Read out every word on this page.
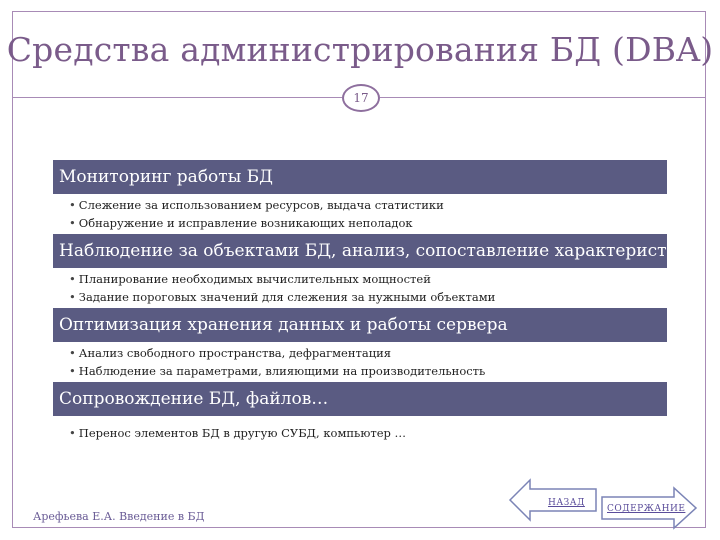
Средства администрирования БД (DBA)
17
Мониторинг работы БД
• Слежение за использованием ресурсов, выдача статистики
• Обнаружение и исправление возникающих неполадок
Наблюдение за объектами БД, анализ, сопоставление характеристик
• Планирование необходимых вычислительных мощностей
• Задание пороговых значений для слежения за нужными объектами
Оптимизация хранения данных и работы сервера
• Анализ свободного пространства, дефрагментация
• Наблюдение за параметрами, влияющими на производительность
Сопровождение БД, файлов…
• Перенос элементов БД в другую СУБД, компьютер …
Арефьева Е.А. Введение в БД
НАЗАД
СОДЕРЖАНИЕ
